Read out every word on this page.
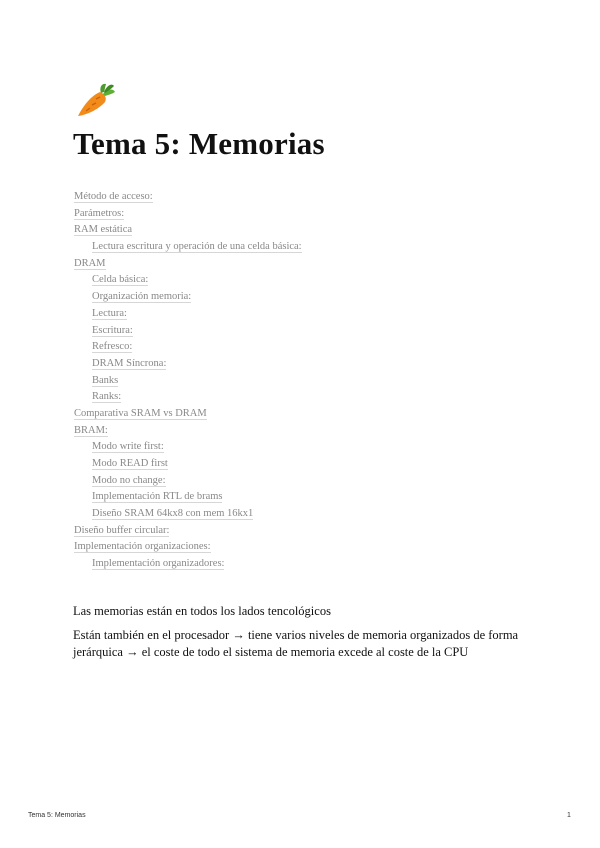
Tema 5: Memorias
Método de acceso:
Parámetros:
RAM estática
Lectura escritura y operación de una celda básica:
DRAM
Celda básica:
Organización memoria:
Lectura:
Escritura:
Refresco:
DRAM Síncrona:
Banks
Ranks:
Comparativa SRAM vs DRAM
BRAM:
Modo write first:
Modo READ first
Modo no change:
Implementación RTL de brams
Diseño SRAM 64kx8 con mem 16kx1
Diseño buffer circular:
Implementación organizaciones:
Implementación organizadores:

Las memorias están en todos los lados tencológicos

Están también en el procesador → tiene varios niveles de memoria organizados de forma jerárquica → el coste de todo el sistema de memoria excede al coste de la CPU

Tema 5: Memorias	1
